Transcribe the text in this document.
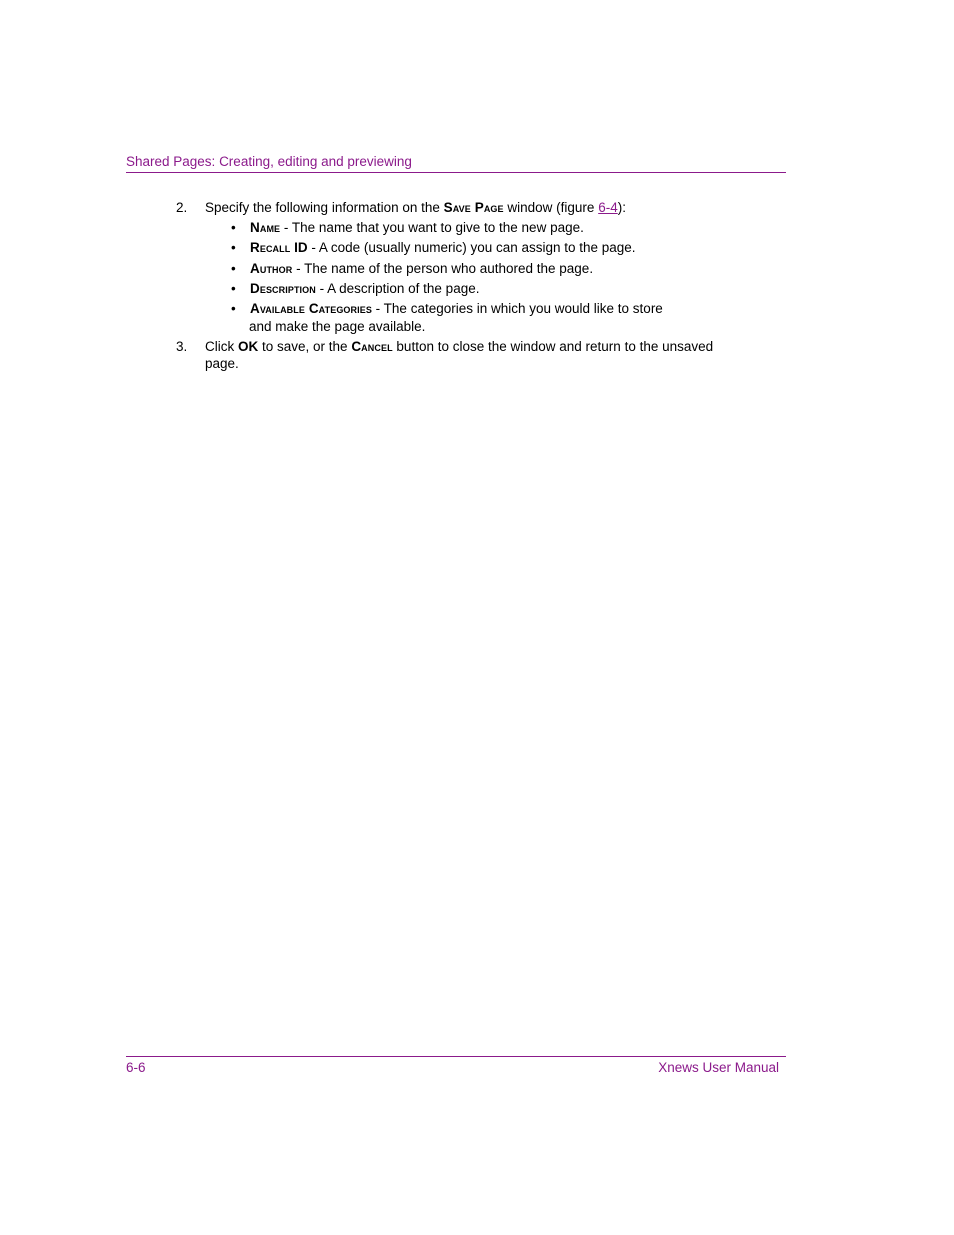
Shared Pages: Creating, editing and previewing
2. Specify the following information on the Save Page window (figure 6-4):
• Name - The name that you want to give to the new page.
• Recall ID - A code (usually numeric) you can assign to the page.
• Author - The name of the person who authored the page.
• Description - A description of the page.
• Available Categories - The categories in which you would like to store
and make the page available.
3. Click OK to save, or the Cancel button to close the window and return to the unsaved
page.
6-6	Xnews User Manual
